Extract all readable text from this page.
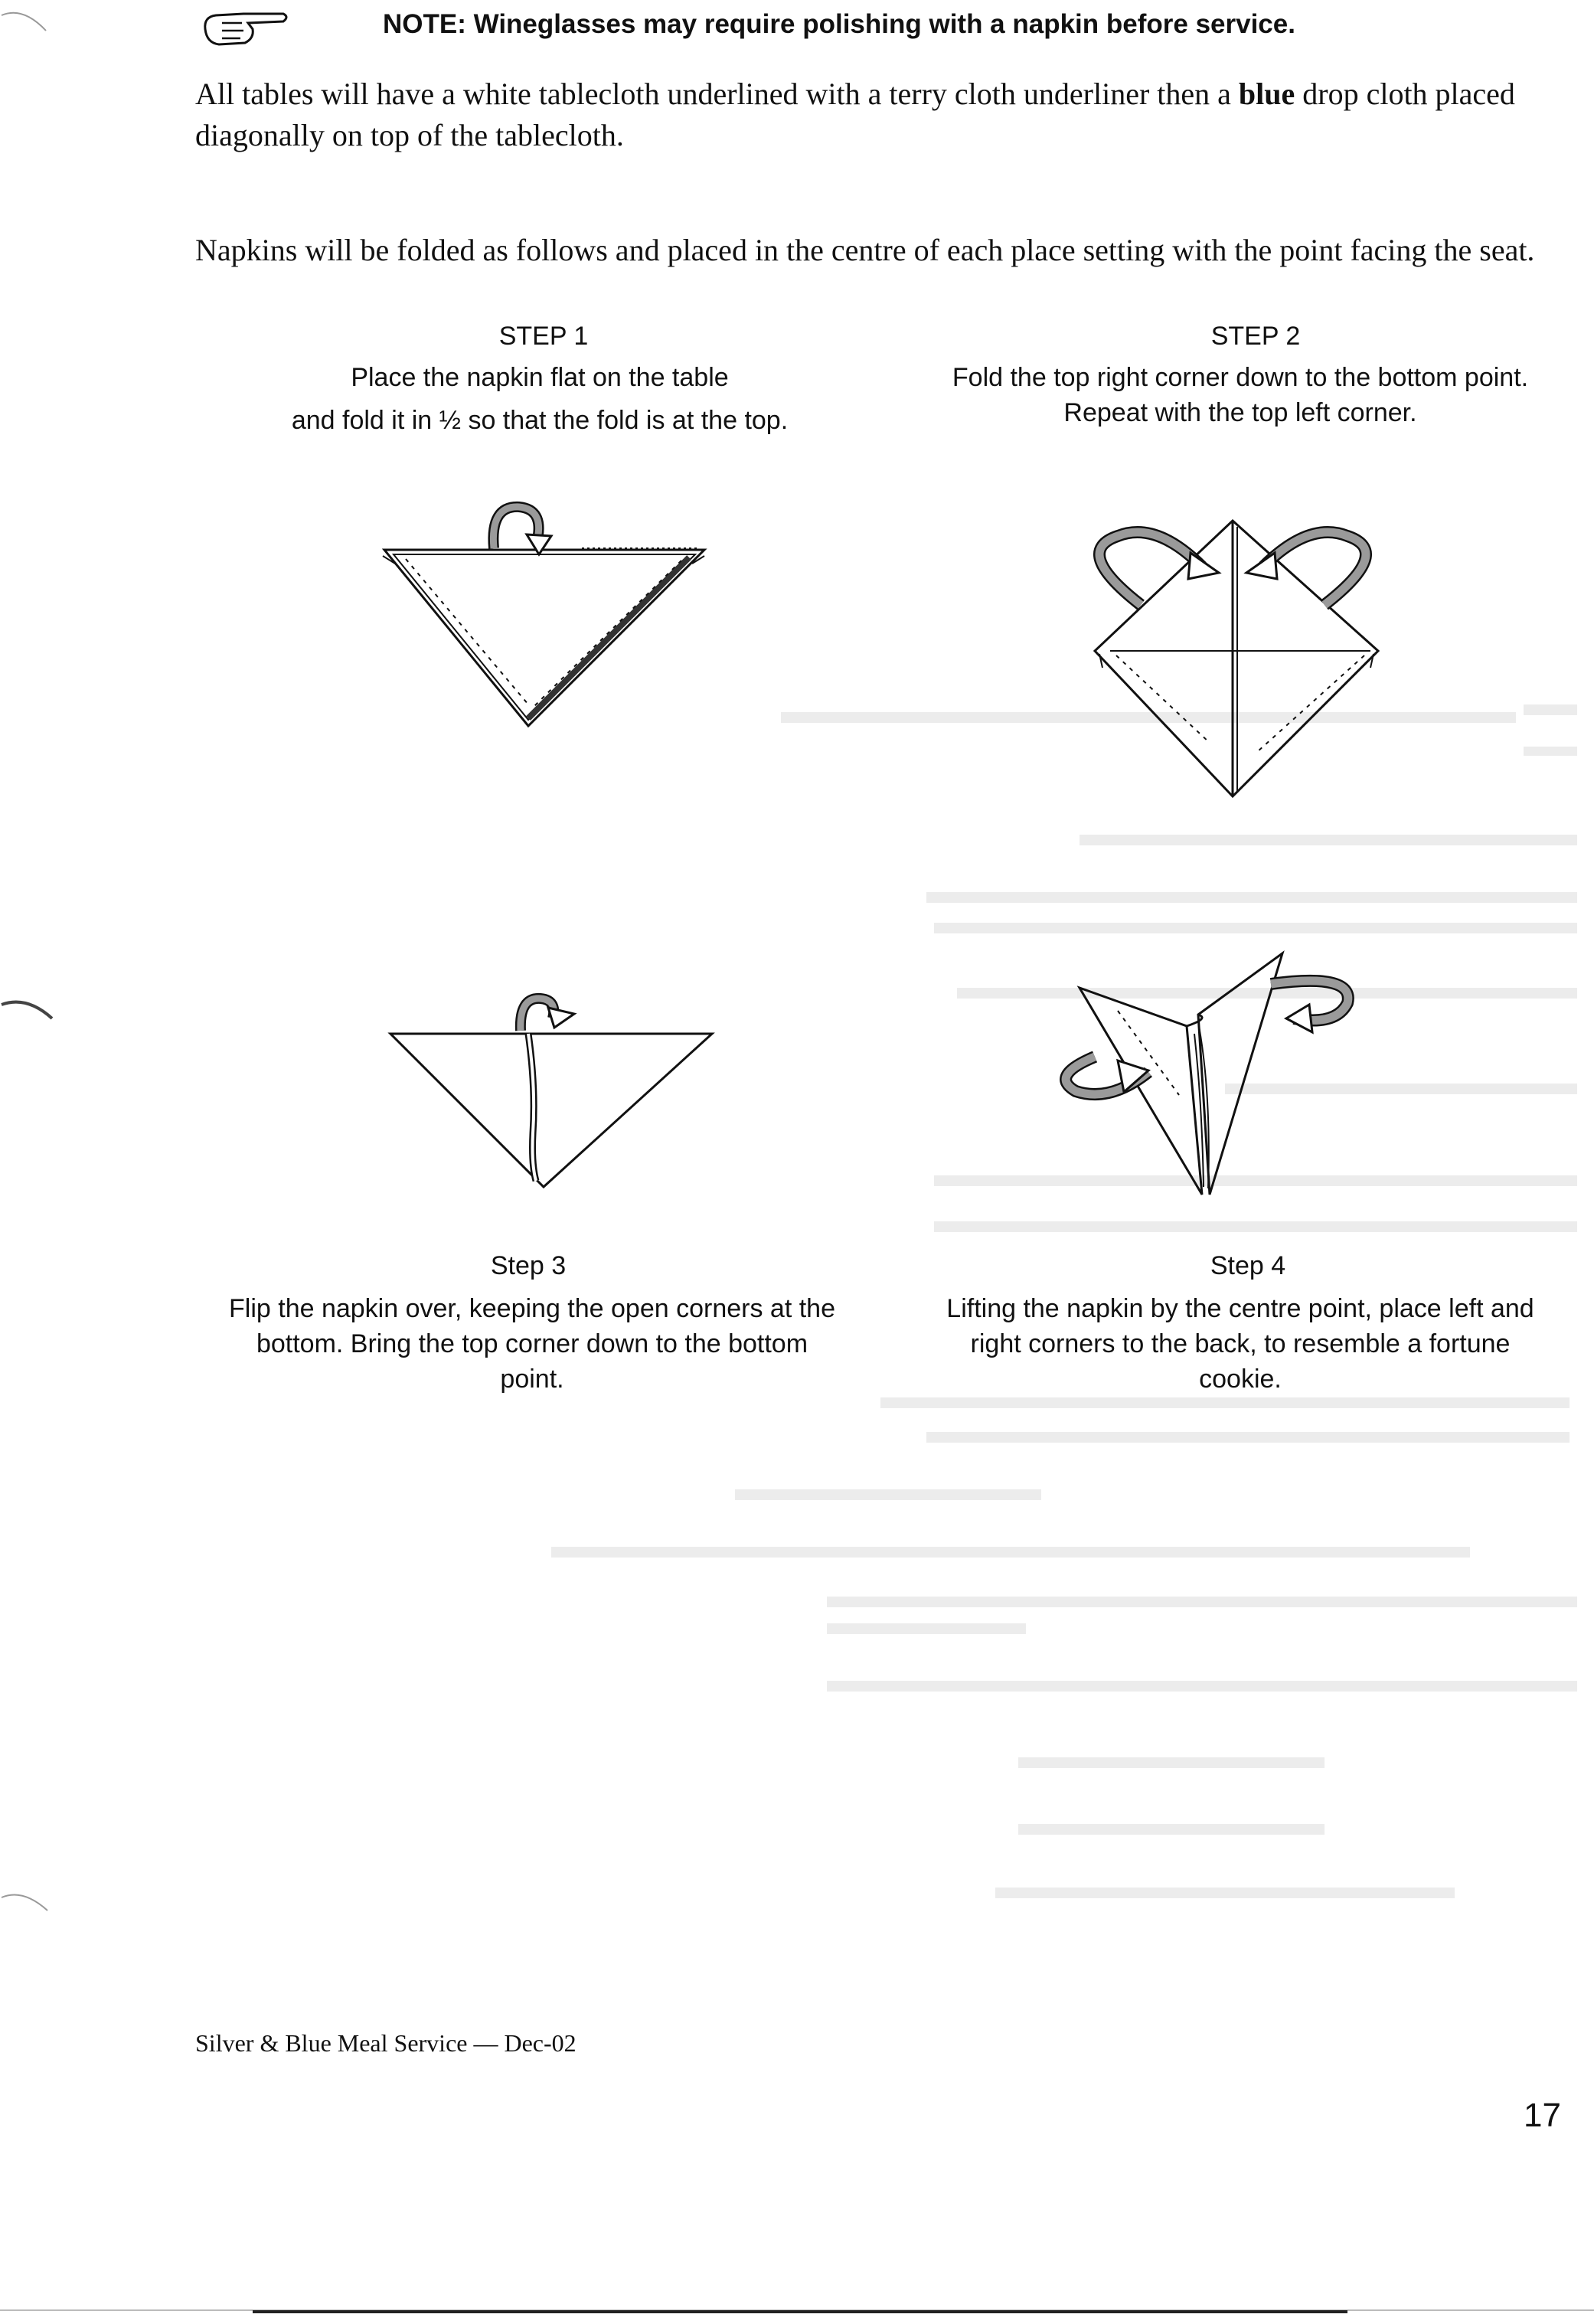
NOTE: Wineglasses may require polishing with a napkin before service.
All tables will have a white tablecloth underlined with a terry cloth underliner then a blue drop cloth placed diagonally on top of the tablecloth.
Napkins will be folded as follows and placed in the centre of each place setting with the point facing the seat.
STEP 1
Place the napkin flat on the table
and fold it in ½ so that the fold is at the top.
STEP 2
Fold the top right corner down to the bottom point.
Repeat with the top left corner.
Step 3
Flip the napkin over, keeping the open corners at the
bottom. Bring the top corner down to the bottom
point.
Step 4
Lifting the napkin by the centre point, place left and
right corners to the back, to resemble a fortune
cookie.
Silver & Blue Meal Service — Dec-02
17
